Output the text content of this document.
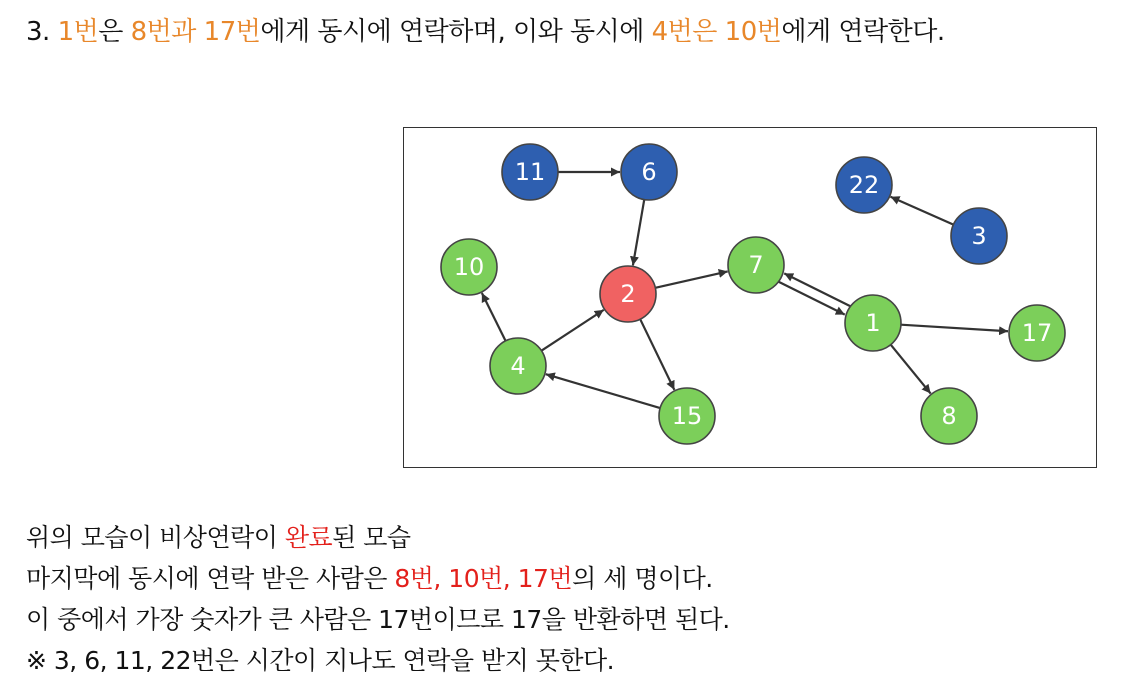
3. 1번은 8번과 17번에게 동시에 연락하며, 이와 동시에 4번은 10번에게 연락한다.
11	6	22
3
10
2
7
1	17
4
15	8
위의 모습이 비상연락이 완료된 모습
마지막에 동시에 연락 받은 사람은 8번, 10번, 17번의 세 명이다.
이 중에서 가장 숫자가 큰 사람은 17번이므로 17을 반환하면 된다.
※ 3, 6, 11, 22번은 시간이 지나도 연락을 받지 못한다.
